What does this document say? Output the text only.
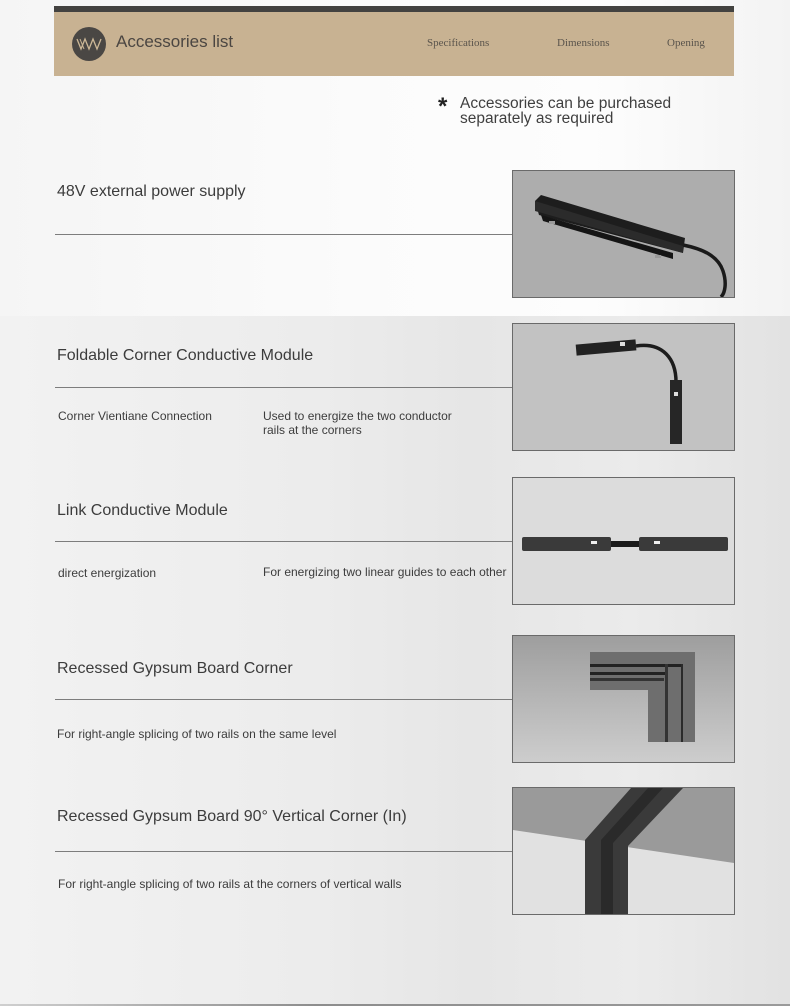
Accessories list	Specifications	Dimensions	Opening
* Accessories can be purchased separately as required
48V external power supply
Foldable Corner Conductive Module
Corner Vientiane Connection	Used to energize the two conductor rails at the corners
Link Conductive Module
direct energization	For energizing two linear guides to each other
Recessed Gypsum Board Corner
For right-angle splicing of two rails on the same level
Recessed Gypsum Board 90° Vertical Corner (In)
For right-angle splicing of two rails at the corners of vertical walls
